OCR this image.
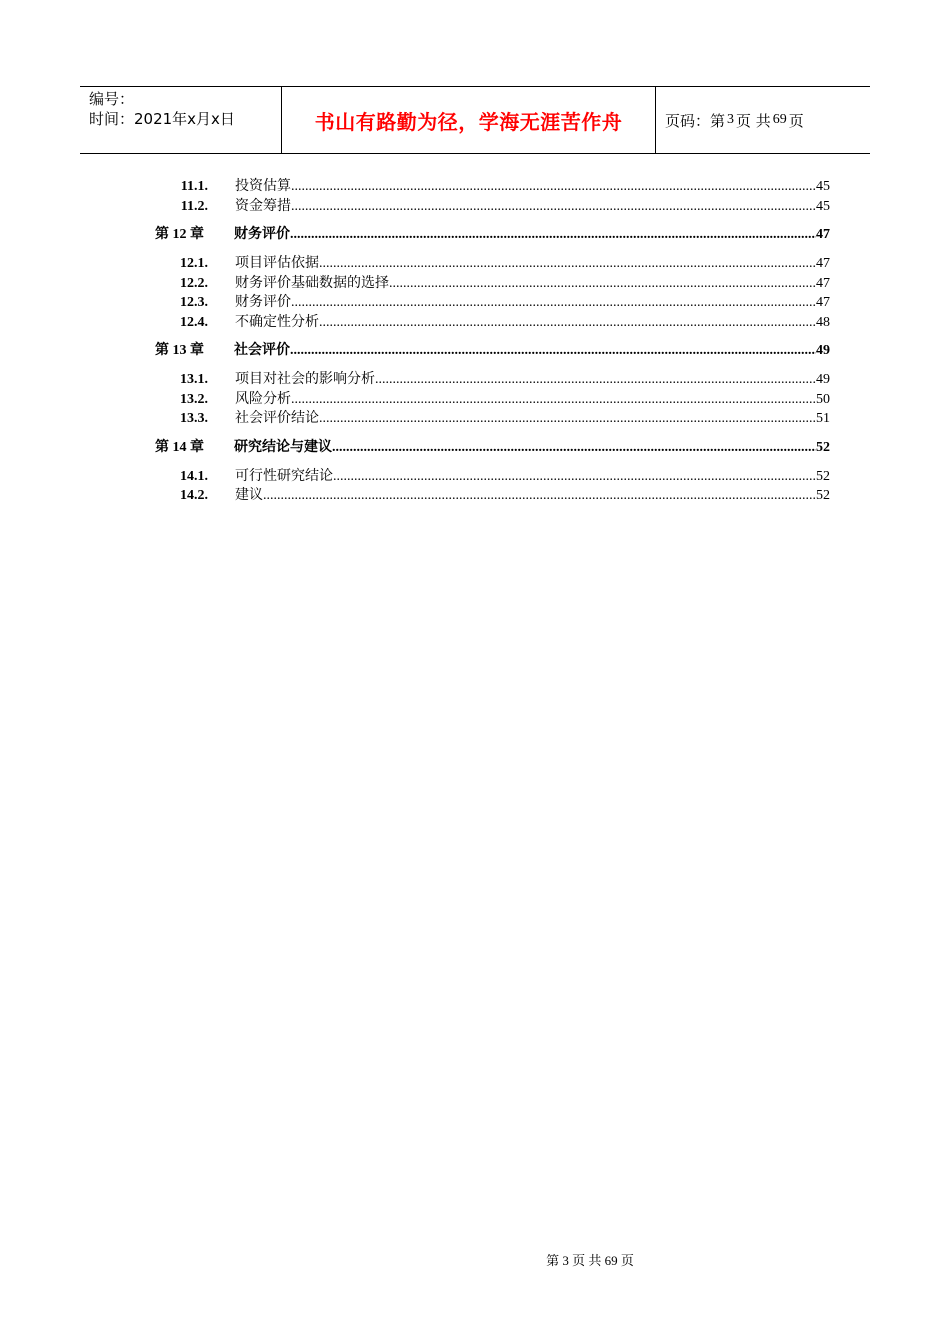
编号：
时间：2021年x月x日	书山有路勤为径，学海无涯苦作舟	页码：第 3 页 共 69 页
11.1. 投资估算 .....	45
11.2. 资金筹措 .....	45
第 12 章	财务评价 .....	47
12.1. 项目评估依据 .....	47
12.2. 财务评价基础数据的选择 .....	47
12.3. 财务评价 .....	47
12.4. 不确定性分析 .....	48
第 13 章	社会评价 .....	49
13.1. 项目对社会的影响分析 .....	49
13.2. 风险分析 .....	50
13.3. 社会评价结论 .....	51
第 14 章	研究结论与建议 .....	52
14.1. 可行性研究结论 .....	52
14.2. 建议 .....	52
第 3 页 共 69 页
